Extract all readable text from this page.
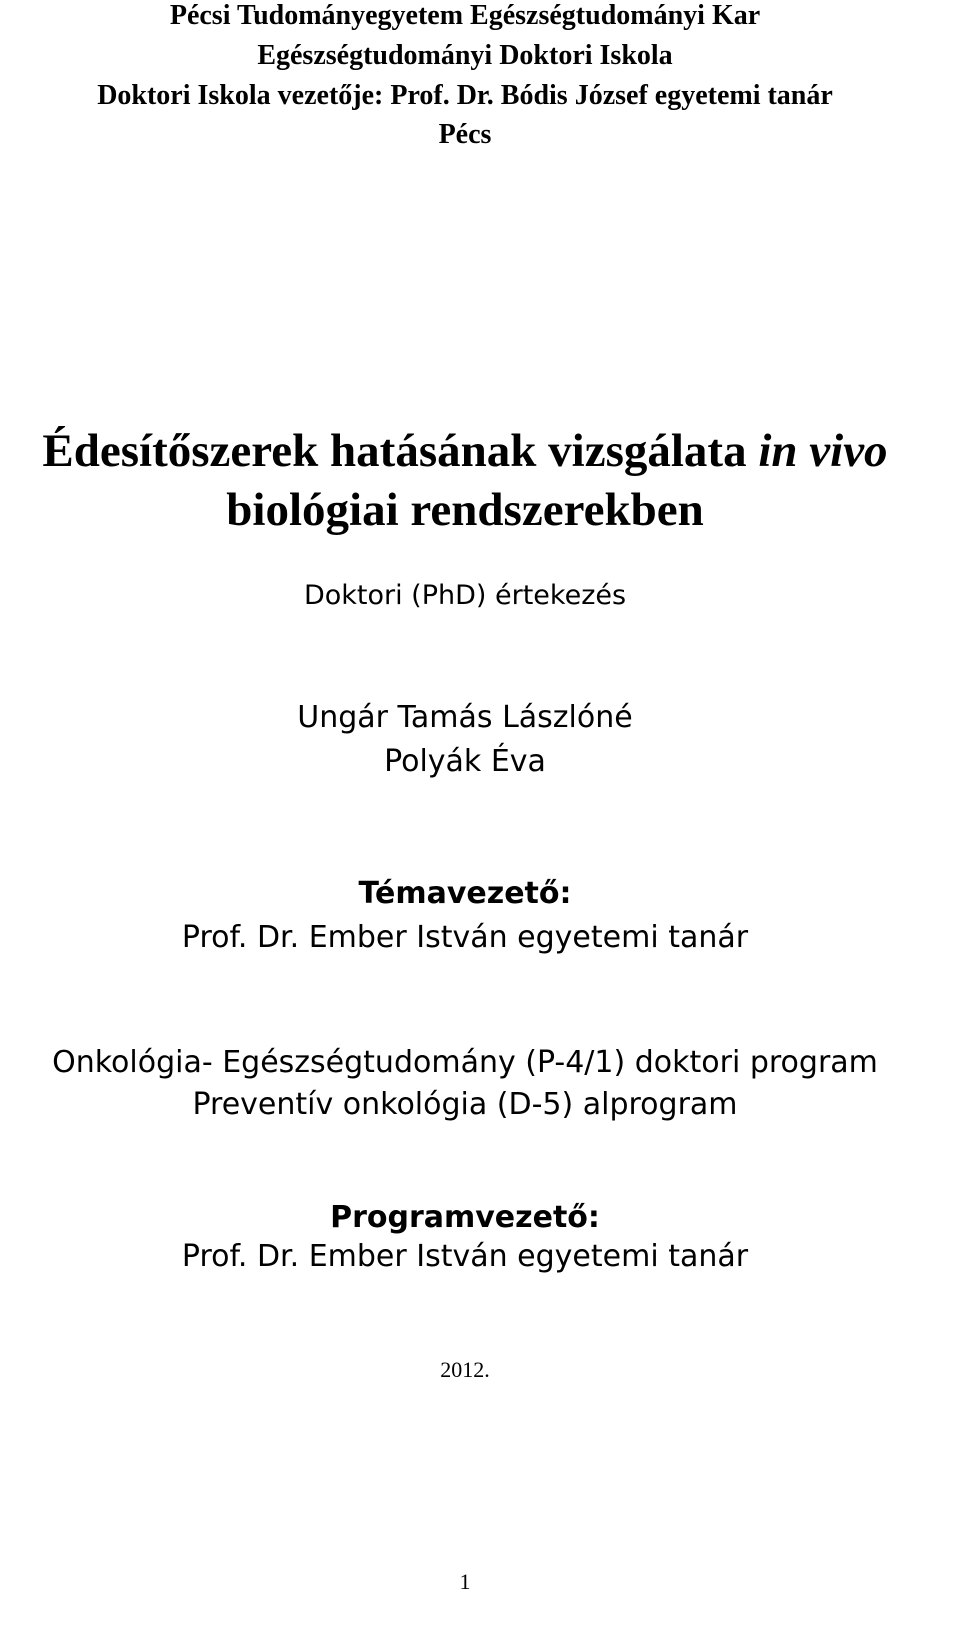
Pécsi Tudományegyetem Egészségtudományi Kar
Egészségtudományi Doktori Iskola
Doktori Iskola vezetője: Prof. Dr. Bódis József egyetemi tanár
Pécs
Édesítőszerek hatásának vizsgálata in vivo
biológiai rendszerekben
Doktori (PhD) értekezés
Ungár Tamás Lászlóné
Polyák Éva
Témavezető:
Prof. Dr. Ember István egyetemi tanár
Onkológia- Egészségtudomány (P-4/1) doktori program
Preventív onkológia (D-5) alprogram
Programvezető:
Prof. Dr. Ember István egyetemi tanár
2012.
1
